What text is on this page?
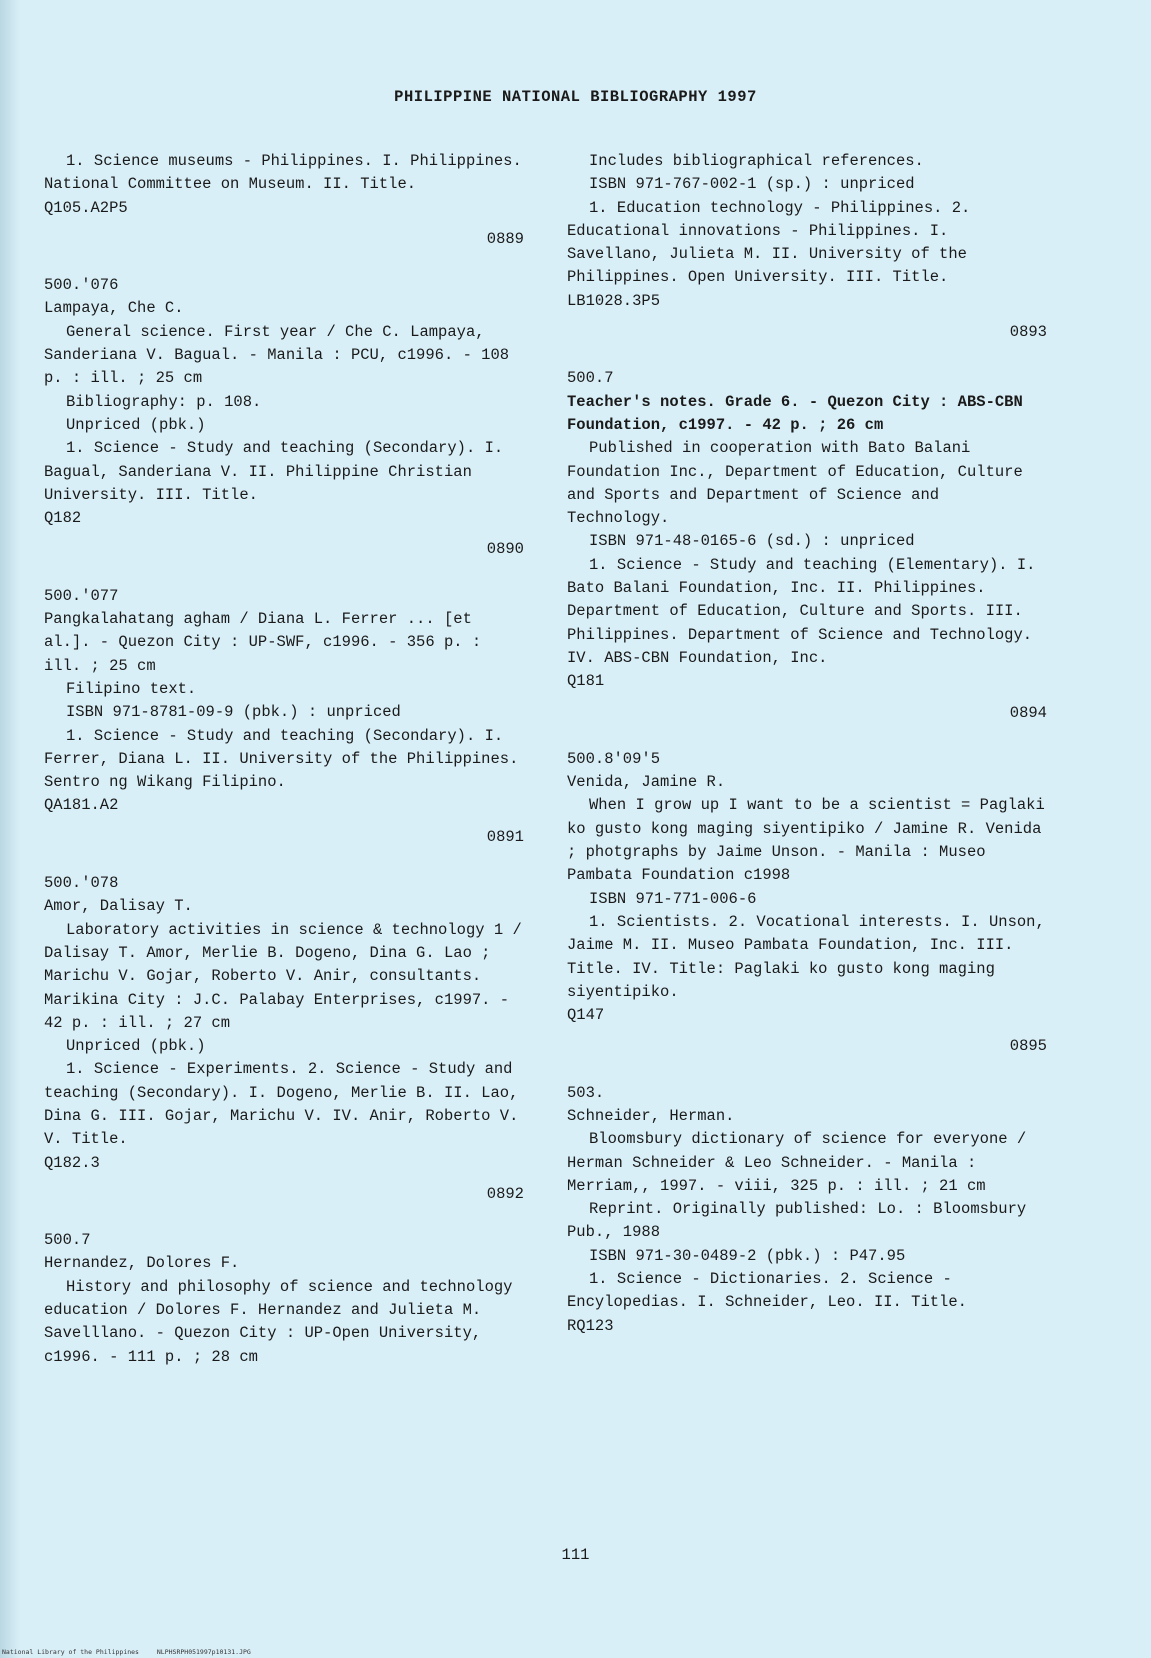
PHILIPPINE NATIONAL BIBLIOGRAPHY 1997

1. Science museums - Philippines. I. Philippines. National Committee on Museum. II. Title.

Q105.A2P5

0889

500.'076

Lampaya, Che C.

General science. First year / Che C. Lampaya, Sanderiana V. Bagual. - Manila : PCU, c1996. - 108 p. : ill. ; 25 cm

Bibliography: p. 108.

Unpriced (pbk.)

1. Science - Study and teaching (Secondary). I. Bagual, Sanderiana V. II. Philippine Christian University. III. Title.

Q182

0890

500.'077

Pangkalahatang agham / Diana L. Ferrer ... [et al.]. - Quezon City : UP-SWF, c1996. - 356 p. : ill. ; 25 cm

Filipino text.

ISBN 971-8781-09-9 (pbk.) : unpriced

1. Science - Study and teaching (Secondary). I. Ferrer, Diana L. II. University of the Philippines. Sentro ng Wikang Filipino.

QA181.A2

0891

500.'078

Amor, Dalisay T.

Laboratory activities in science & technology 1 / Dalisay T. Amor, Merlie B. Dogeno, Dina G. Lao ; Marichu V. Gojar, Roberto V. Anir, consultants. Marikina City : J.C. Palabay Enterprises, c1997. - 42 p. : ill. ; 27 cm

Unpriced (pbk.)

1. Science - Experiments. 2. Science - Study and teaching (Secondary). I. Dogeno, Merlie B. II. Lao, Dina G. III. Gojar, Marichu V. IV. Anir, Roberto V. V. Title.

Q182.3

0892

500.7

Hernandez, Dolores F.

History and philosophy of science and technology education / Dolores F. Hernandez and Julieta M. Savelllano. - Quezon City : UP-Open University, c1996. - 111 p. ; 28 cm

Includes bibliographical references.

ISBN 971-767-002-1 (sp.) : unpriced

1. Education technology - Philippines. 2. Educational innovations - Philippines. I. Savellano, Julieta M. II. University of the Philippines. Open University. III. Title.

LB1028.3P5

0893

500.7

Teacher's notes. Grade 6. - Quezon City : ABS-CBN Foundation, c1997. - 42 p. ; 26 cm

Published in cooperation with Bato Balani Foundation Inc., Department of Education, Culture and Sports and Department of Science and Technology.

ISBN 971-48-0165-6 (sd.) : unpriced

1. Science - Study and teaching (Elementary). I. Bato Balani Foundation, Inc. II. Philippines. Department of Education, Culture and Sports. III. Philippines. Department of Science and Technology. IV. ABS-CBN Foundation, Inc.

Q181

0894

500.8'09'5

Venida, Jamine R.

When I grow up I want to be a scientist = Paglaki ko gusto kong maging siyentipiko / Jamine R. Venida ; photgraphs by Jaime Unson. - Manila : Museo Pambata Foundation c1998

ISBN 971-771-006-6

1. Scientists. 2. Vocational interests. I. Unson, Jaime M. II. Museo Pambata Foundation, Inc. III. Title. IV. Title: Paglaki ko gusto kong maging siyentipiko.

Q147

0895

503.

Schneider, Herman.

Bloomsbury dictionary of science for everyone / Herman Schneider & Leo Schneider. - Manila : Merriam,, 1997. - viii, 325 p. : ill. ; 21 cm

Reprint. Originally published: Lo. : Bloomsbury Pub., 1988

ISBN 971-30-0489-2 (pbk.) : P47.95

1. Science - Dictionaries. 2. Science - Encylopedias. I. Schneider, Leo. II. Title.

RQ123

111
National Library of the Philippines	NLPHSRPH051997p10131.JPG
